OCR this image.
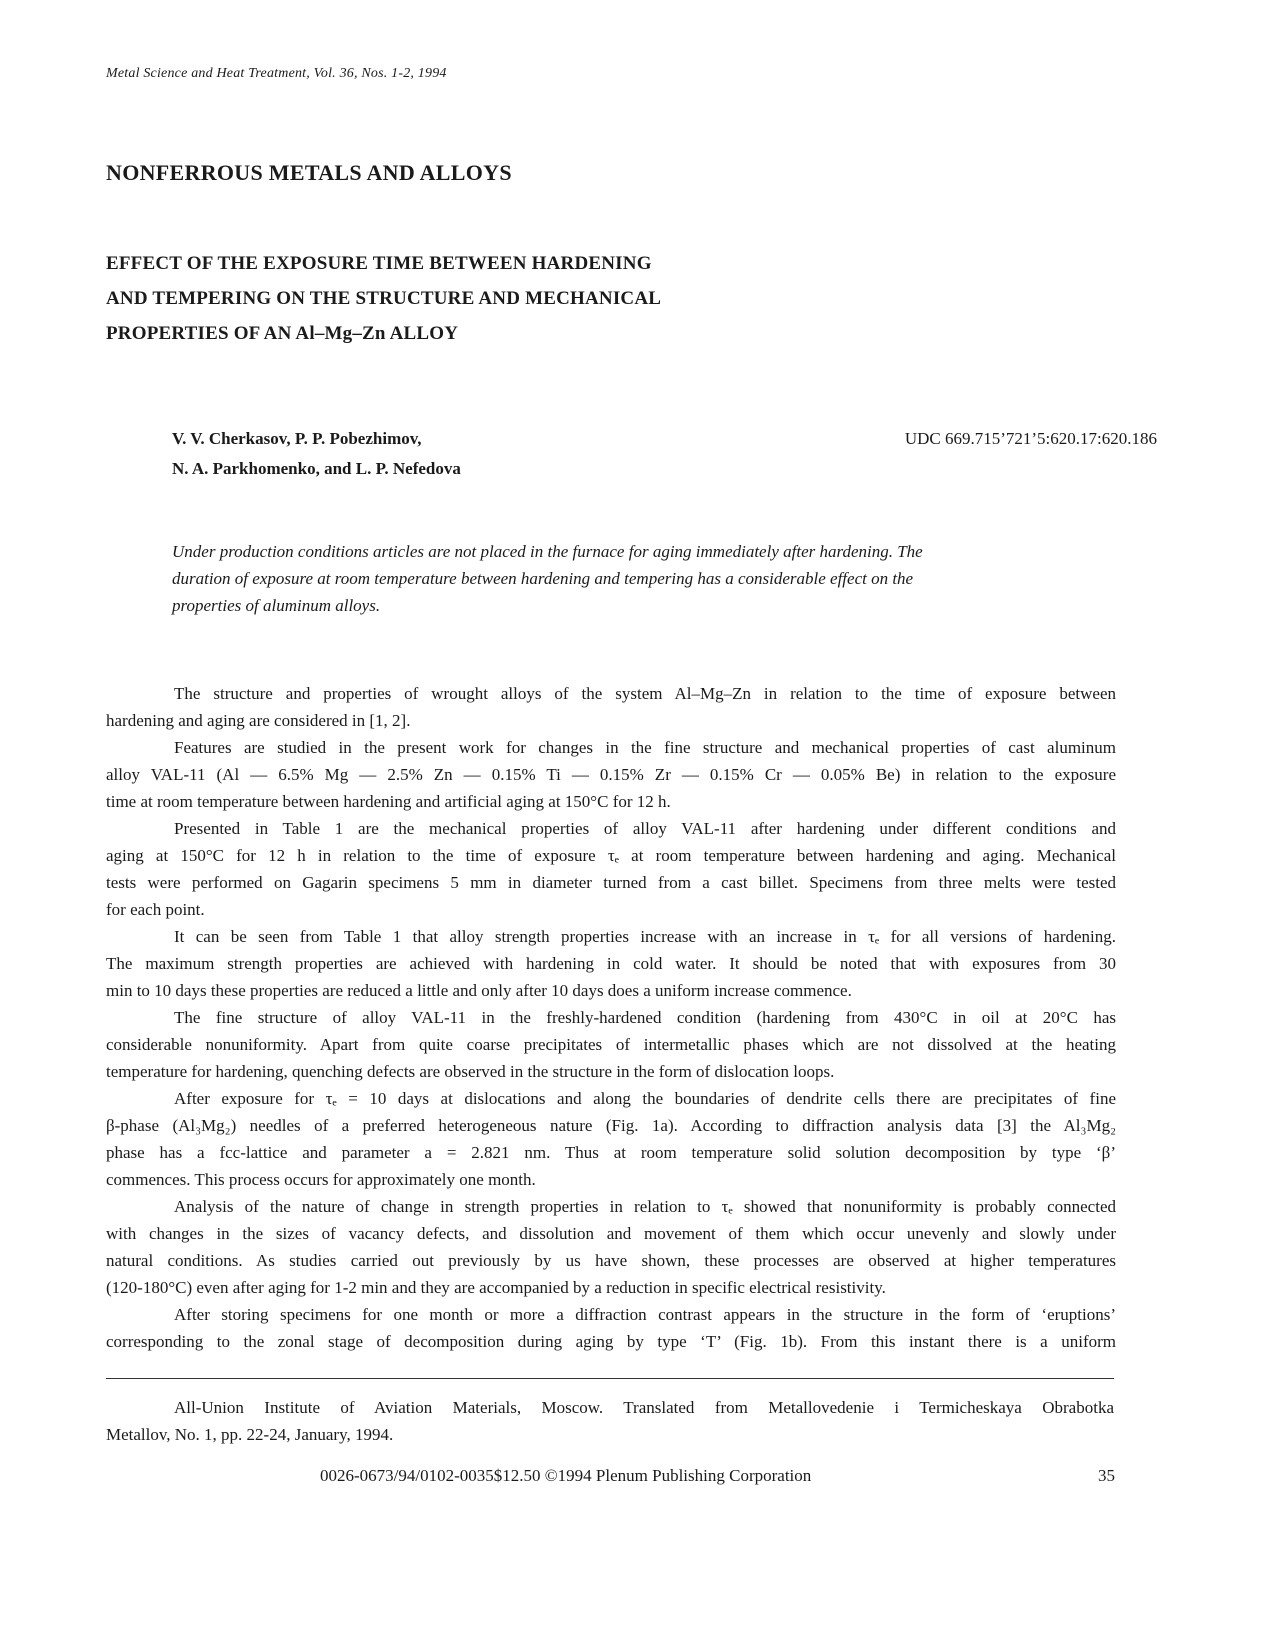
Metal Science and Heat Treatment, Vol. 36, Nos. 1-2, 1994
NONFERROUS METALS AND ALLOYS
EFFECT OF THE EXPOSURE TIME BETWEEN HARDENING
AND TEMPERING ON THE STRUCTURE AND MECHANICAL
PROPERTIES OF AN Al–Mg–Zn ALLOY
V. V. Cherkasov, P. P. Pobezhimov,
N. A. Parkhomenko, and L. P. Nefedova
UDC 669.715’721’5:620.17:620.186
Under production conditions articles are not placed in the furnace for aging immediately after hardening. The
duration of exposure at room temperature between hardening and tempering has a considerable effect on the
properties of aluminum alloys.
The structure and properties of wrought alloys of the system Al–Mg–Zn in relation to the time of exposure between
hardening and aging are considered in [1, 2].
Features are studied in the present work for changes in the fine structure and mechanical properties of cast aluminum
alloy VAL-11 (Al — 6.5% Mg — 2.5% Zn — 0.15% Ti — 0.15% Zr — 0.15% Cr — 0.05% Be) in relation to the exposure
time at room temperature between hardening and artificial aging at 150°C for 12 h.
Presented in Table 1 are the mechanical properties of alloy VAL-11 after hardening under different conditions and
aging at 150°C for 12 h in relation to the time of exposure τₑ at room temperature between hardening and aging. Mechanical
tests were performed on Gagarin specimens 5 mm in diameter turned from a cast billet. Specimens from three melts were tested
for each point.
It can be seen from Table 1 that alloy strength properties increase with an increase in τₑ for all versions of hardening.
The maximum strength properties are achieved with hardening in cold water. It should be noted that with exposures from 30
min to 10 days these properties are reduced a little and only after 10 days does a uniform increase commence.
The fine structure of alloy VAL-11 in the freshly-hardened condition (hardening from 430°C in oil at 20°C has
considerable nonuniformity. Apart from quite coarse precipitates of intermetallic phases which are not dissolved at the heating
temperature for hardening, quenching defects are observed in the structure in the form of dislocation loops.
After exposure for τₑ = 10 days at dislocations and along the boundaries of dendrite cells there are precipitates of fine
β-phase (Al₃Mg₂) needles of a preferred heterogeneous nature (Fig. 1a). According to diffraction analysis data [3] the Al₃Mg₂
phase has a fcc-lattice and parameter a = 2.821 nm. Thus at room temperature solid solution decomposition by type ‘β’
commences. This process occurs for approximately one month.
Analysis of the nature of change in strength properties in relation to τₑ showed that nonuniformity is probably connected
with changes in the sizes of vacancy defects, and dissolution and movement of them which occur unevenly and slowly under
natural conditions. As studies carried out previously by us have shown, these processes are observed at higher temperatures
(120-180°C) even after aging for 1-2 min and they are accompanied by a reduction in specific electrical resistivity.
After storing specimens for one month or more a diffraction contrast appears in the structure in the form of ‘eruptions’
corresponding to the zonal stage of decomposition during aging by type ‘T’ (Fig. 1b). From this instant there is a uniform
All-Union Institute of Aviation Materials, Moscow. Translated from Metallovedenie i Termicheskaya Obrabotka
Metallov, No. 1, pp. 22-24, January, 1994.
0026-0673/94/0102-0035$12.50 ©1994 Plenum Publishing Corporation	35
